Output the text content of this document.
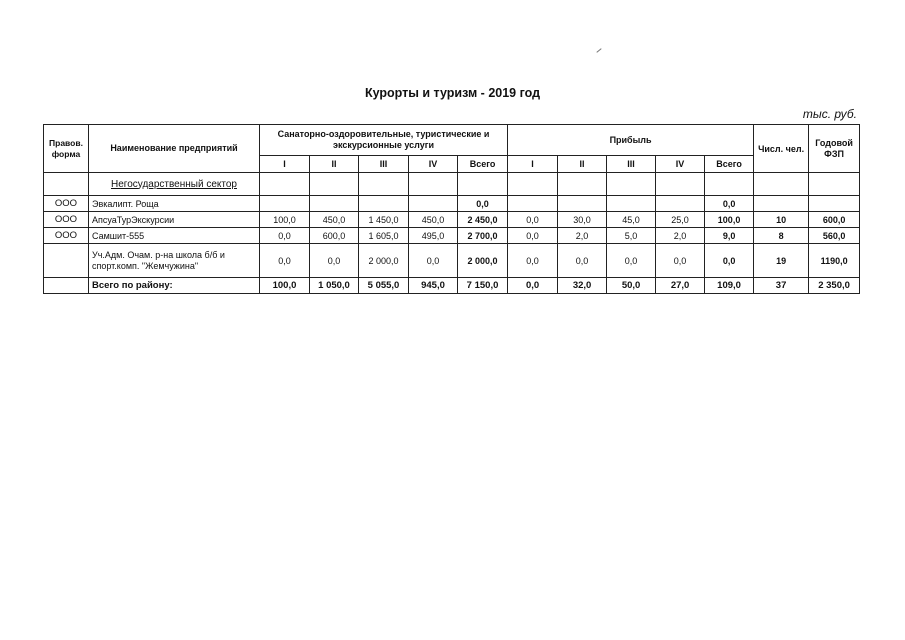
Курорты и туризм - 2019 год
тыс. руб.
Правов. форма	Наименование предприятий	Санаторно-оздоровительные, туристические и экскурсионные услуги					Прибыль					Числ. чел.	Годовой ФЗП
		I	II	III	IV	Всего	I	II	III	IV	Всего		
	Негосударственный сектор												
ООО	Эвкалипт. Роща					0,0					0,0		
ООО	АпсуаТурЭкскурсии	100,0	450,0	1 450,0	450,0	2 450,0	0,0	30,0	45,0	25,0	100,0	10	600,0
ООО	Самшит-555	0,0	600,0	1 605,0	495,0	2 700,0	0,0	2,0	5,0	2,0	9,0	8	560,0
	Уч.Адм. Очам. р-на школа б/б и спорт.комп. "Жемчужина"	0,0	0,0	2 000,0	0,0	2 000,0	0,0	0,0	0,0	0,0	0,0	19	1190,0
	Всего по району:	100,0	1 050,0	5 055,0	945,0	7 150,0	0,0	32,0	50,0	27,0	109,0	37	2 350,0
